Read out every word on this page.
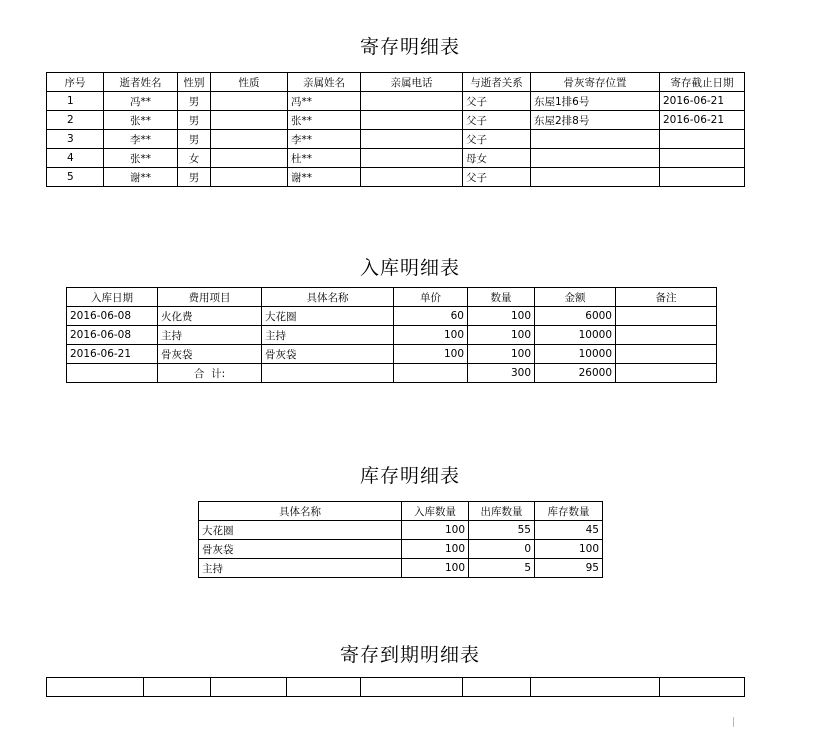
寄存明细表
序号	逝者姓名	性别	性质	亲属姓名	亲属电话	与逝者关系	骨灰寄存位置	寄存截止日期
1	冯**	男		冯**		父子	东屋1排6号	2016-06-21
2	张**	男		张**		父子	东屋2排8号	2016-06-21
3	李**	男		李**		父子		
4	张**	女		杜**		母女		
5	谢**	男		谢**		父子		
入库明细表
入库日期	费用项目	具体名称	单价	数量	金额	备注
2016-06-08	火化费	大花圈	60	100	6000	
2016-06-08	主持	主持	100	100	10000	
2016-06-21	骨灰袋	骨灰袋	100	100	10000	
	合  计:			300	26000	
库存明细表
具体名称	入库数量	出库数量	库存数量
大花圈	100	55	45
骨灰袋	100	0	100
主持	100	5	95
寄存到期明细表
